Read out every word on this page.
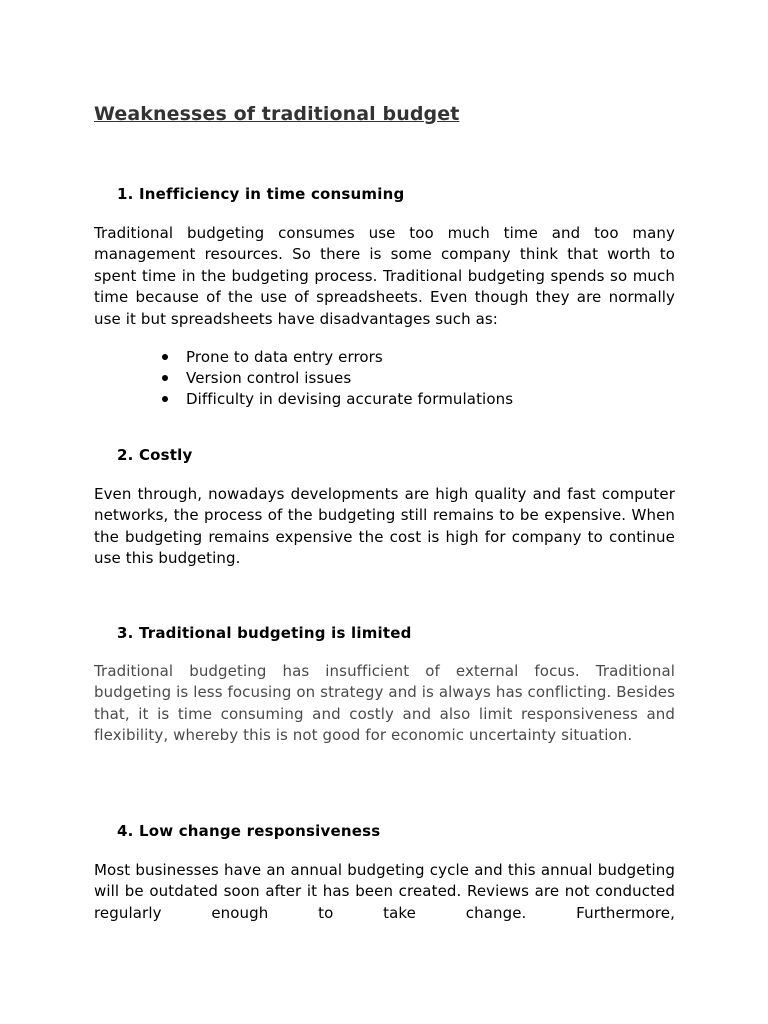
Weaknesses of traditional budget
1. Inefficiency in time consuming

Traditional budgeting consumes use too much time and too many management resources. So there is some company think that worth to spent time in the budgeting process. Traditional budgeting spends so much time because of the use of spreadsheets. Even though they are normally use it but spreadsheets have disadvantages such as:

Prone to data entry errors
Version control issues
Difficulty in devising accurate formulations
2. Costly

Even through, nowadays developments are high quality and fast computer networks, the process of the budgeting still remains to be expensive. When the budgeting remains expensive the cost is high for company to continue use this budgeting.

3. Traditional budgeting is limited

Traditional budgeting has insufficient of external focus. Traditional budgeting is less focusing on strategy and is always has conflicting. Besides that, it is time consuming and costly and also limit responsiveness and flexibility, whereby this is not good for economic uncertainty situation.

4. Low change responsiveness

Most businesses have an annual budgeting cycle and this annual budgeting will be outdated soon after it has been created. Reviews are not conducted regularly enough to take change. Furthermore,
